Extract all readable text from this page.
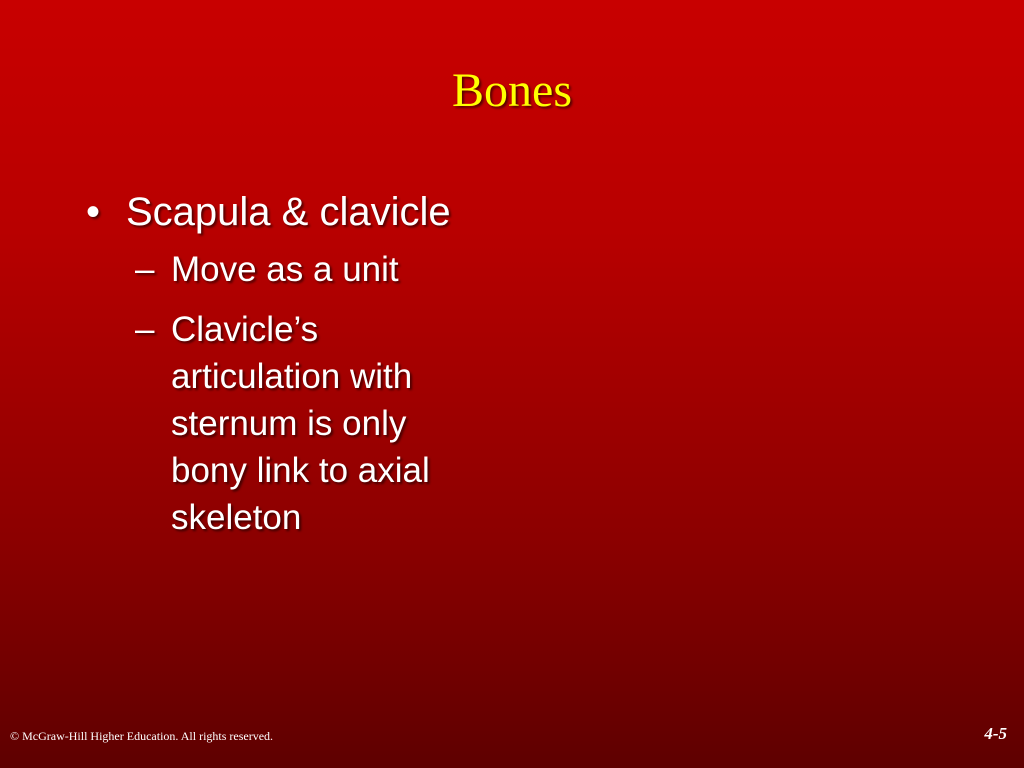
Bones
• Scapula & clavicle
– Move as a unit
– Clavicle’s articulation with sternum is only bony link to axial skeleton
© McGraw-Hill Higher Education. All rights reserved.	4-5
